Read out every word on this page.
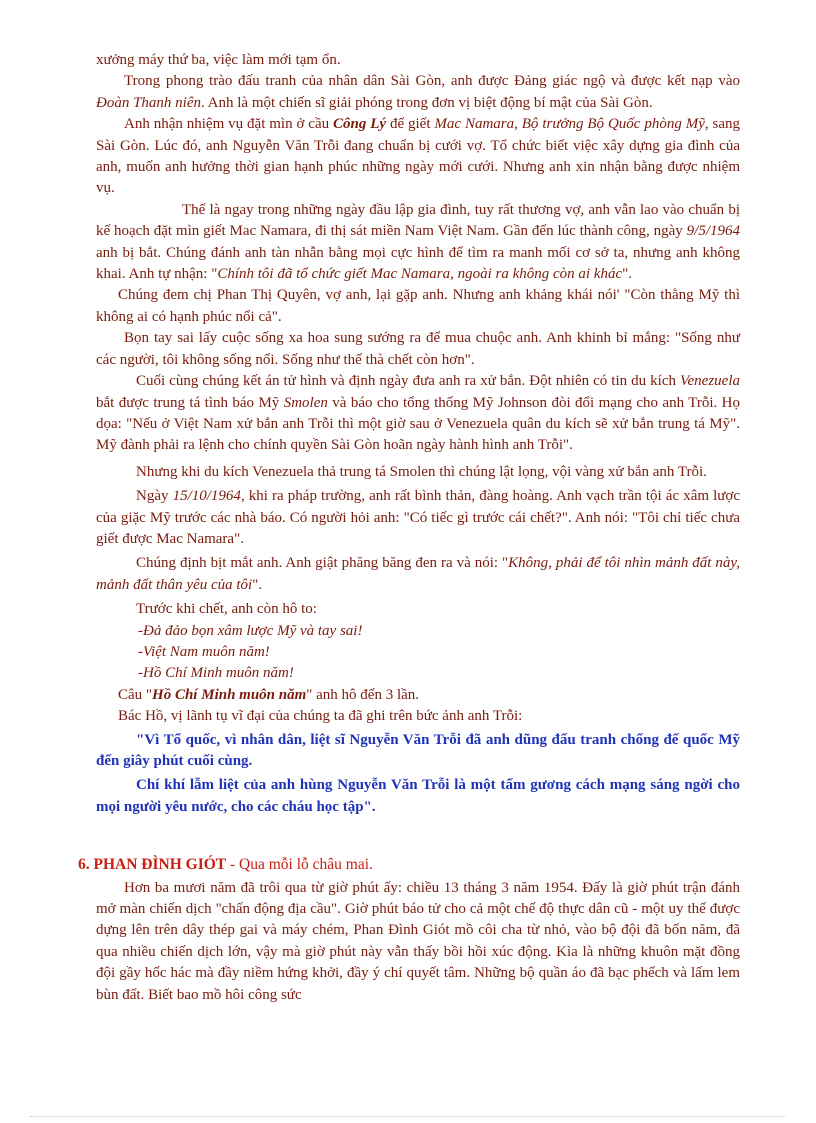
xưởng máy thứ ba, việc làm mới tạm ổn.

Trong phong trào đấu tranh của nhân dân Sài Gòn, anh được Đảng giác ngộ và được kết nạp vào Đoàn Thanh niên. Anh là một chiến sĩ giải phóng trong đơn vị biệt động bí mật của Sài Gòn.

Anh nhận nhiệm vụ đặt mìn ở cầu Công Lý để giết Mac Namara, Bộ trưởng Bộ Quốc phòng Mỹ, sang Sài Gòn. Lúc đó, anh Nguyễn Văn Trỗi đang chuẩn bị cưới vợ. Tổ chức biết việc xây dựng gia đình của anh, muốn anh hưởng thời gian hạnh phúc những ngày mới cưới. Nhưng anh xin nhận bằng được nhiệm vụ.

Thế là ngay trong những ngày đầu lập gia đình, tuy rất thương vợ, anh vẫn lao vào chuẩn bị kế hoạch đặt mìn giết Mac Namara, đi thị sát miền Nam Việt Nam. Gần đến lúc thành công, ngày 9/5/1964 anh bị bắt. Chúng đánh anh tàn nhẫn bằng mọi cực hình để tìm ra manh mối cơ sở ta, nhưng anh không khai. Anh tự nhận: "Chính tôi đã tổ chức giết Mac Namara, ngoài ra không còn ai khác".

Chúng đem chị Phan Thị Quyên, vợ anh, lại gặp anh. Nhưng anh khảng khái nói' "Còn thằng Mỹ thì không ai có hạnh phúc nổi cả".

Bọn tay sai lấy cuộc sống xa hoa sung sướng ra để mua chuộc anh. Anh khinh bỉ mắng: "Sống như các người, tôi không sống nổi. Sống như thế thà chết còn hơn".

Cuối cùng chúng kết án tử hình và định ngày đưa anh ra xử bắn. Đột nhiên có tin du kích Venezuela bắt được trung tá tình báo Mỹ Smolen và báo cho tổng thống Mỹ Johnson đòi đổi mạng cho anh Trỗi. Họ dọa: "Nếu ở Việt Nam xử bắn anh Trỗi thì một giờ sau ở Venezuela quân du kích sẽ xử bắn trung tá Mỹ". Mỹ đành phải ra lệnh cho chính quyền Sài Gòn hoãn ngày hành hình anh Trỗi".

Nhưng khi du kích Venezuela thả trung tá Smolen thì chúng lật lọng, vội vàng xử bắn anh Trỗi.

Ngày 15/10/1964, khi ra pháp trường, anh rất bình thản, đàng hoàng. Anh vạch trần tội ác xâm lược của giặc Mỹ trước các nhà báo. Có người hỏi anh: "Có tiếc gì trước cái chết?". Anh nói: "Tôi chỉ tiếc chưa giết được Mac Namara".

Chúng định bịt mắt anh. Anh giật phăng băng đen ra và nói: "Không, phải để tôi nhìn mảnh đất này, mảnh đất thân yêu của tôi".

Trước khi chết, anh còn hô to:

-Đả đảo bọn xâm lược Mỹ và tay sai!

-Việt Nam muôn năm!

-Hồ Chí Minh muôn năm!

Câu "Hồ Chí Minh muôn năm" anh hô đến 3 lần.

Bác Hồ, vị lãnh tụ vĩ đại của chúng ta đã ghi trên bức ảnh anh Trỗi:

"Vì Tổ quốc, vì nhân dân, liệt sĩ Nguyễn Văn Trỗi đã anh dũng đấu tranh chống đế quốc Mỹ đến giây phút cuối cùng.

Chí khí lẫm liệt của anh hùng Nguyễn Văn Trỗi là một tấm gương cách mạng sáng ngời cho mọi người yêu nước, cho các cháu học tập".

6. PHAN ĐÌNH GIÓT - Qua mỗi lỗ châu mai.

Hơn ba mươi năm đã trôi qua từ giờ phút ấy: chiều 13 tháng 3 năm 1954. Đấy là giờ phút trận đánh mở màn chiến dịch "chấn động địa cầu". Giờ phút báo tử cho cả một chế độ thực dân cũ - một uy thế được dựng lên trên dây thép gai và máy chém, Phan Đình Giót mồ côi cha từ nhỏ, vào bộ đội đã bốn năm, đã qua nhiều chiến dịch lớn, vậy mà giờ phút này vẫn thấy bồi hồi xúc động. Kìa là những khuôn mặt đồng đội gầy hốc hác mà đầy niềm hứng khởi, đầy ý chí quyết tâm. Những bộ quần áo đã bạc phếch và lấm lem bùn đất. Biết bao mồ hôi công sức
